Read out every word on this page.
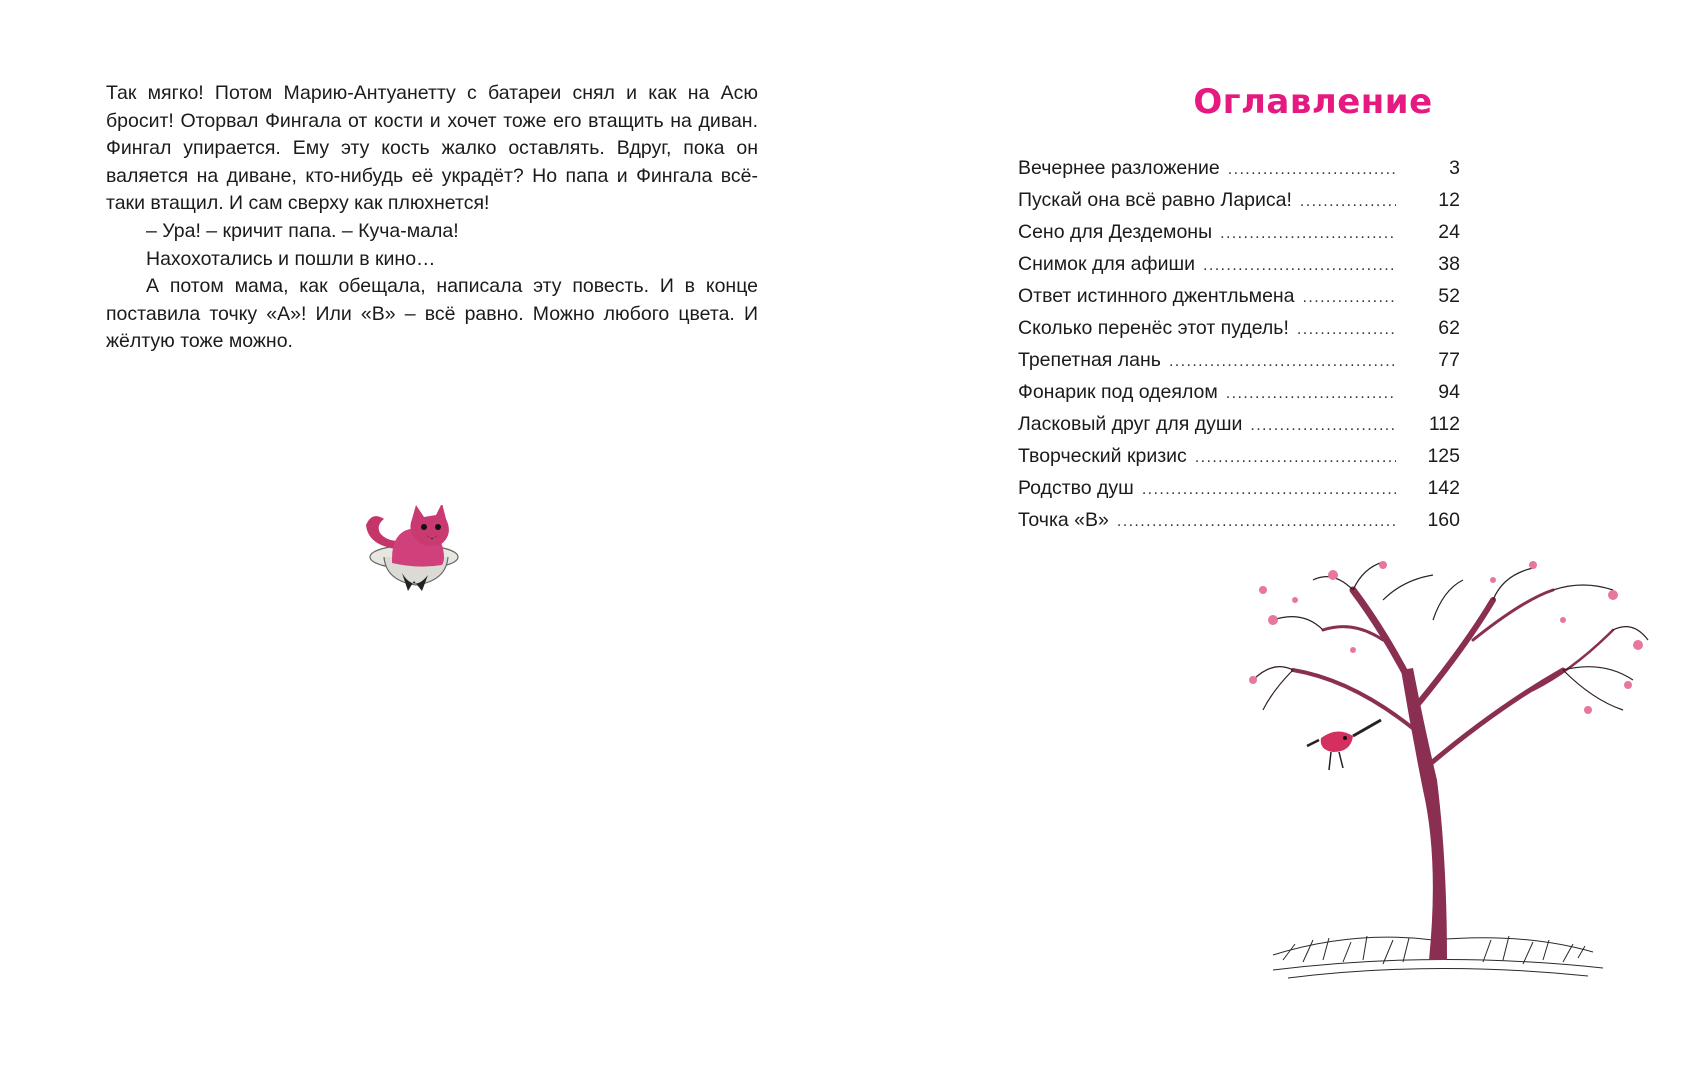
Так мягко! Потом Марию-Антуанетту с батареи снял и как на Асю бросит! Оторвал Фингала от кости и хочет тоже его втащить на диван. Фингал упирается. Ему эту кость жалко оставлять. Вдруг, пока он валяется на диване, кто-нибудь её украдёт? Но папа и Фингала всё-таки втащил. И сам сверху как плюхнется!

– Ура! – кричит папа. – Куча-мала!

Нахохотались и пошли в кино…

А потом мама, как обещала, написала эту повесть. И в конце поставила точку «А»! Или «В» – всё равно. Можно любого цвета. И жёлтую тоже можно.

Оглавление
Вечернее разложение .....	3
Пускай она всё равно Лариса! .....	12
Сено для Дездемоны .....	24
Снимок для афиши .....	38
Ответ истинного джентльмена .....	52
Сколько перенёс этот пудель! .....	62
Трепетная лань .....	77
Фонарик под одеялом .....	94
Ласковый друг для души .....	112
Творческий кризис .....	125
Родство душ .....	142
Точка «В» .....	160
